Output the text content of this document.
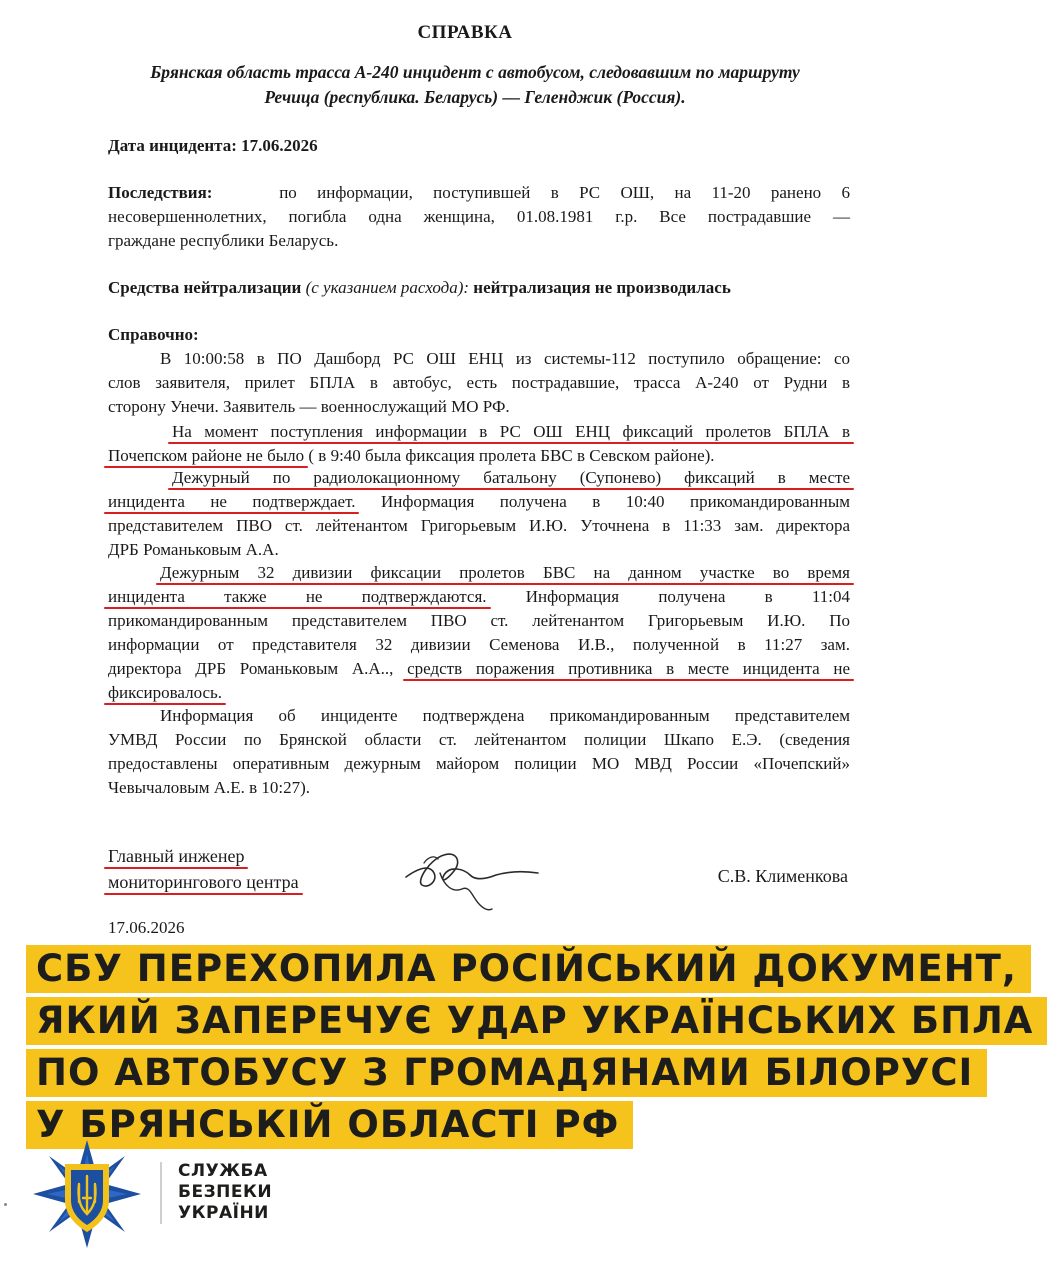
СПРАВКА
Брянская область трасса А-240 инцидент с автобусом, следовавшим по маршруту
Речица (республика. Беларусь) — Геленджик (Россия).
Дата инцидента: 17.06.2026
Последствия:	по информации, поступившей в РС ОШ, на 11-20 ранено 6
несовершеннолетних, погибла одна женщина, 01.08.1981 г.р. Все пострадавшие —
граждане республики Беларусь.
Средства нейтрализации (с указанием расхода): нейтрализация не производилась
Справочно:
В 10:00:58 в ПО Дашборд РС ОШ ЕНЦ из системы-112 поступило обращение: со
слов заявителя, прилет БПЛА в автобус, есть пострадавшие, трасса А-240 от Рудни в
сторону Унечи. Заявитель — военнослужащий МО РФ.
На момент поступления информации в РС ОШ ЕНЦ фиксаций пролетов БПЛА в
Почепском районе не было ( в 9:40 была фиксация пролета БВС в Севском районе).
Дежурный по радиолокационному батальону (Супонево) фиксаций в месте
инцидента не подтверждает. Информация получена в 10:40 прикомандированным
представителем ПВО ст. лейтенантом Григорьевым И.Ю. Уточнена в 11:33 зам. директора
ДРБ Романьковым А.А.
Дежурным 32 дивизии фиксации пролетов БВС на данном участке во время
инцидента также не подтверждаются. Информация получена в 11:04
прикомандированным представителем ПВО ст. лейтенантом Григорьевым И.Ю. По
информации от представителя 32 дивизии Семенова И.В., полученной в 11:27 зам.
директора ДРБ Романьковым А.А.., средств поражения противника в месте инцидента не
фиксировалось.
Информация об инциденте подтверждена прикомандированным представителем
УМВД России по Брянской области ст. лейтенантом полиции Шкапо Е.Э. (сведения
предоставлены оперативным дежурным майором полиции МО МВД России «Почепский»
Чевычаловым А.Е. в 10:27).
Главный инженер
мониторингового центра	С.В. Клименкова
17.06.2026
СБУ ПЕРЕХОПИЛА РОСІЙСЬКИЙ ДОКУМЕНТ,
ЯКИЙ ЗАПЕРЕЧУЄ УДАР УКРАЇНСЬКИХ БПЛА
ПО АВТОБУСУ З ГРОМАДЯНАМИ БІЛОРУСІ
У БРЯНСЬКІЙ ОБЛАСТІ РФ
СЛУЖБА
БЕЗПЕКИ
УКРАЇНИ
